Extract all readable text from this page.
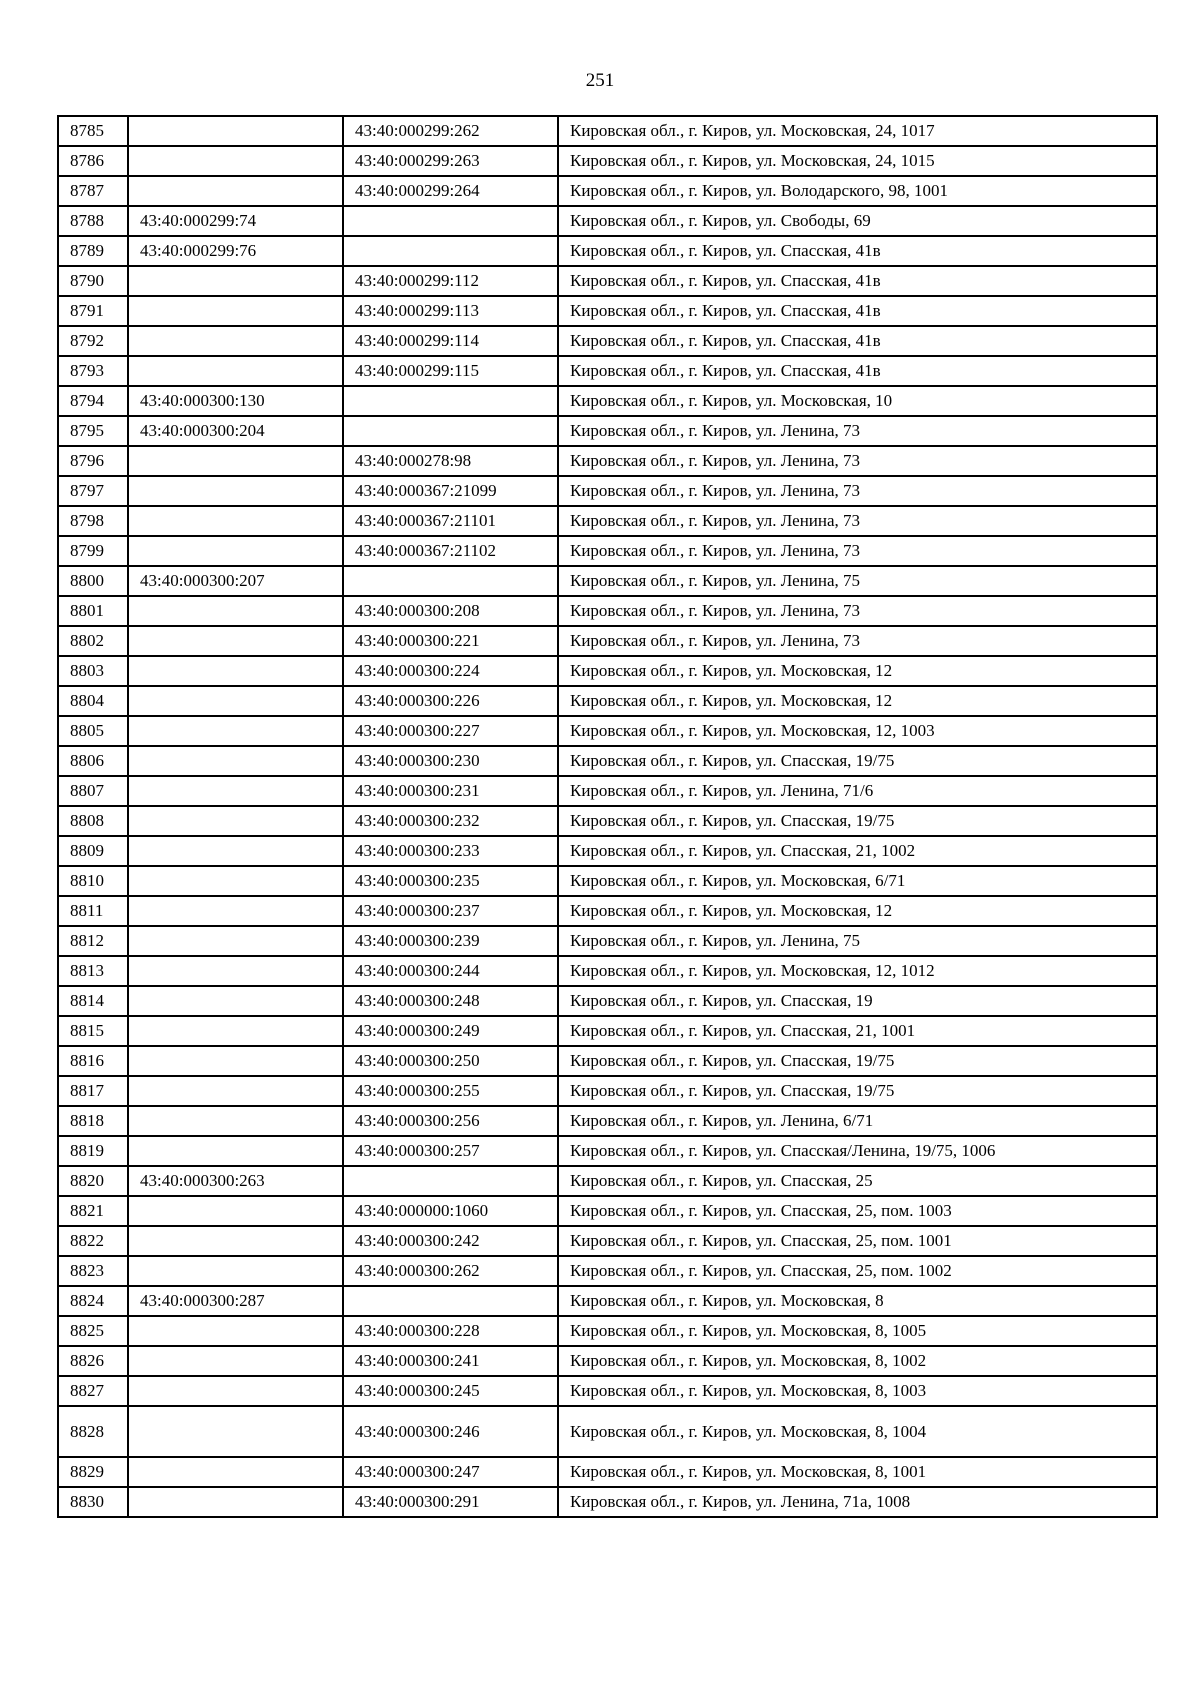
251
8785		43:40:000299:262	Кировская обл., г. Киров, ул. Московская, 24, 1017
8786		43:40:000299:263	Кировская обл., г. Киров, ул. Московская, 24, 1015
8787		43:40:000299:264	Кировская обл., г. Киров, ул. Володарского, 98, 1001
8788	43:40:000299:74		Кировская обл., г. Киров, ул. Свободы, 69
8789	43:40:000299:76		Кировская обл., г. Киров, ул. Спасская, 41в
8790		43:40:000299:112	Кировская обл., г. Киров, ул. Спасская, 41в
8791		43:40:000299:113	Кировская обл., г. Киров, ул. Спасская, 41в
8792		43:40:000299:114	Кировская обл., г. Киров, ул. Спасская, 41в
8793		43:40:000299:115	Кировская обл., г. Киров, ул. Спасская, 41в
8794	43:40:000300:130		Кировская обл., г. Киров, ул. Московская, 10
8795	43:40:000300:204		Кировская обл., г. Киров, ул. Ленина, 73
8796		43:40:000278:98	Кировская обл., г. Киров, ул. Ленина, 73
8797		43:40:000367:21099	Кировская обл., г. Киров, ул. Ленина, 73
8798		43:40:000367:21101	Кировская обл., г. Киров, ул. Ленина, 73
8799		43:40:000367:21102	Кировская обл., г. Киров, ул. Ленина, 73
8800	43:40:000300:207		Кировская обл., г. Киров, ул. Ленина, 75
8801		43:40:000300:208	Кировская обл., г. Киров, ул. Ленина, 73
8802		43:40:000300:221	Кировская обл., г. Киров, ул. Ленина, 73
8803		43:40:000300:224	Кировская обл., г. Киров, ул. Московская, 12
8804		43:40:000300:226	Кировская обл., г. Киров, ул. Московская, 12
8805		43:40:000300:227	Кировская обл., г. Киров, ул. Московская, 12, 1003
8806		43:40:000300:230	Кировская обл., г. Киров, ул. Спасская, 19/75
8807		43:40:000300:231	Кировская обл., г. Киров, ул. Ленина, 71/6
8808		43:40:000300:232	Кировская обл., г. Киров, ул. Спасская, 19/75
8809		43:40:000300:233	Кировская обл., г. Киров, ул. Спасская, 21, 1002
8810		43:40:000300:235	Кировская обл., г. Киров, ул. Московская, 6/71
8811		43:40:000300:237	Кировская обл., г. Киров, ул. Московская, 12
8812		43:40:000300:239	Кировская обл., г. Киров, ул. Ленина, 75
8813		43:40:000300:244	Кировская обл., г. Киров, ул. Московская, 12, 1012
8814		43:40:000300:248	Кировская обл., г. Киров, ул. Спасская, 19
8815		43:40:000300:249	Кировская обл., г. Киров, ул. Спасская, 21, 1001
8816		43:40:000300:250	Кировская обл., г. Киров, ул. Спасская, 19/75
8817		43:40:000300:255	Кировская обл., г. Киров, ул. Спасская, 19/75
8818		43:40:000300:256	Кировская обл., г. Киров, ул. Ленина, 6/71
8819		43:40:000300:257	Кировская обл., г. Киров, ул. Спасская/Ленина, 19/75, 1006
8820	43:40:000300:263		Кировская обл., г. Киров, ул. Спасская, 25
8821		43:40:000000:1060	Кировская обл., г. Киров, ул. Спасская, 25, пом. 1003
8822		43:40:000300:242	Кировская обл., г. Киров, ул. Спасская, 25, пом. 1001
8823		43:40:000300:262	Кировская обл., г. Киров, ул. Спасская, 25, пом. 1002
8824	43:40:000300:287		Кировская обл., г. Киров, ул. Московская, 8
8825		43:40:000300:228	Кировская обл., г. Киров, ул. Московская, 8, 1005
8826		43:40:000300:241	Кировская обл., г. Киров, ул. Московская, 8, 1002
8827		43:40:000300:245	Кировская обл., г. Киров, ул. Московская, 8, 1003
8828		43:40:000300:246	Кировская обл., г. Киров, ул. Московская, 8, 1004
8829		43:40:000300:247	Кировская обл., г. Киров, ул. Московская, 8, 1001
8830		43:40:000300:291	Кировская обл., г. Киров, ул. Ленина, 71а, 1008
